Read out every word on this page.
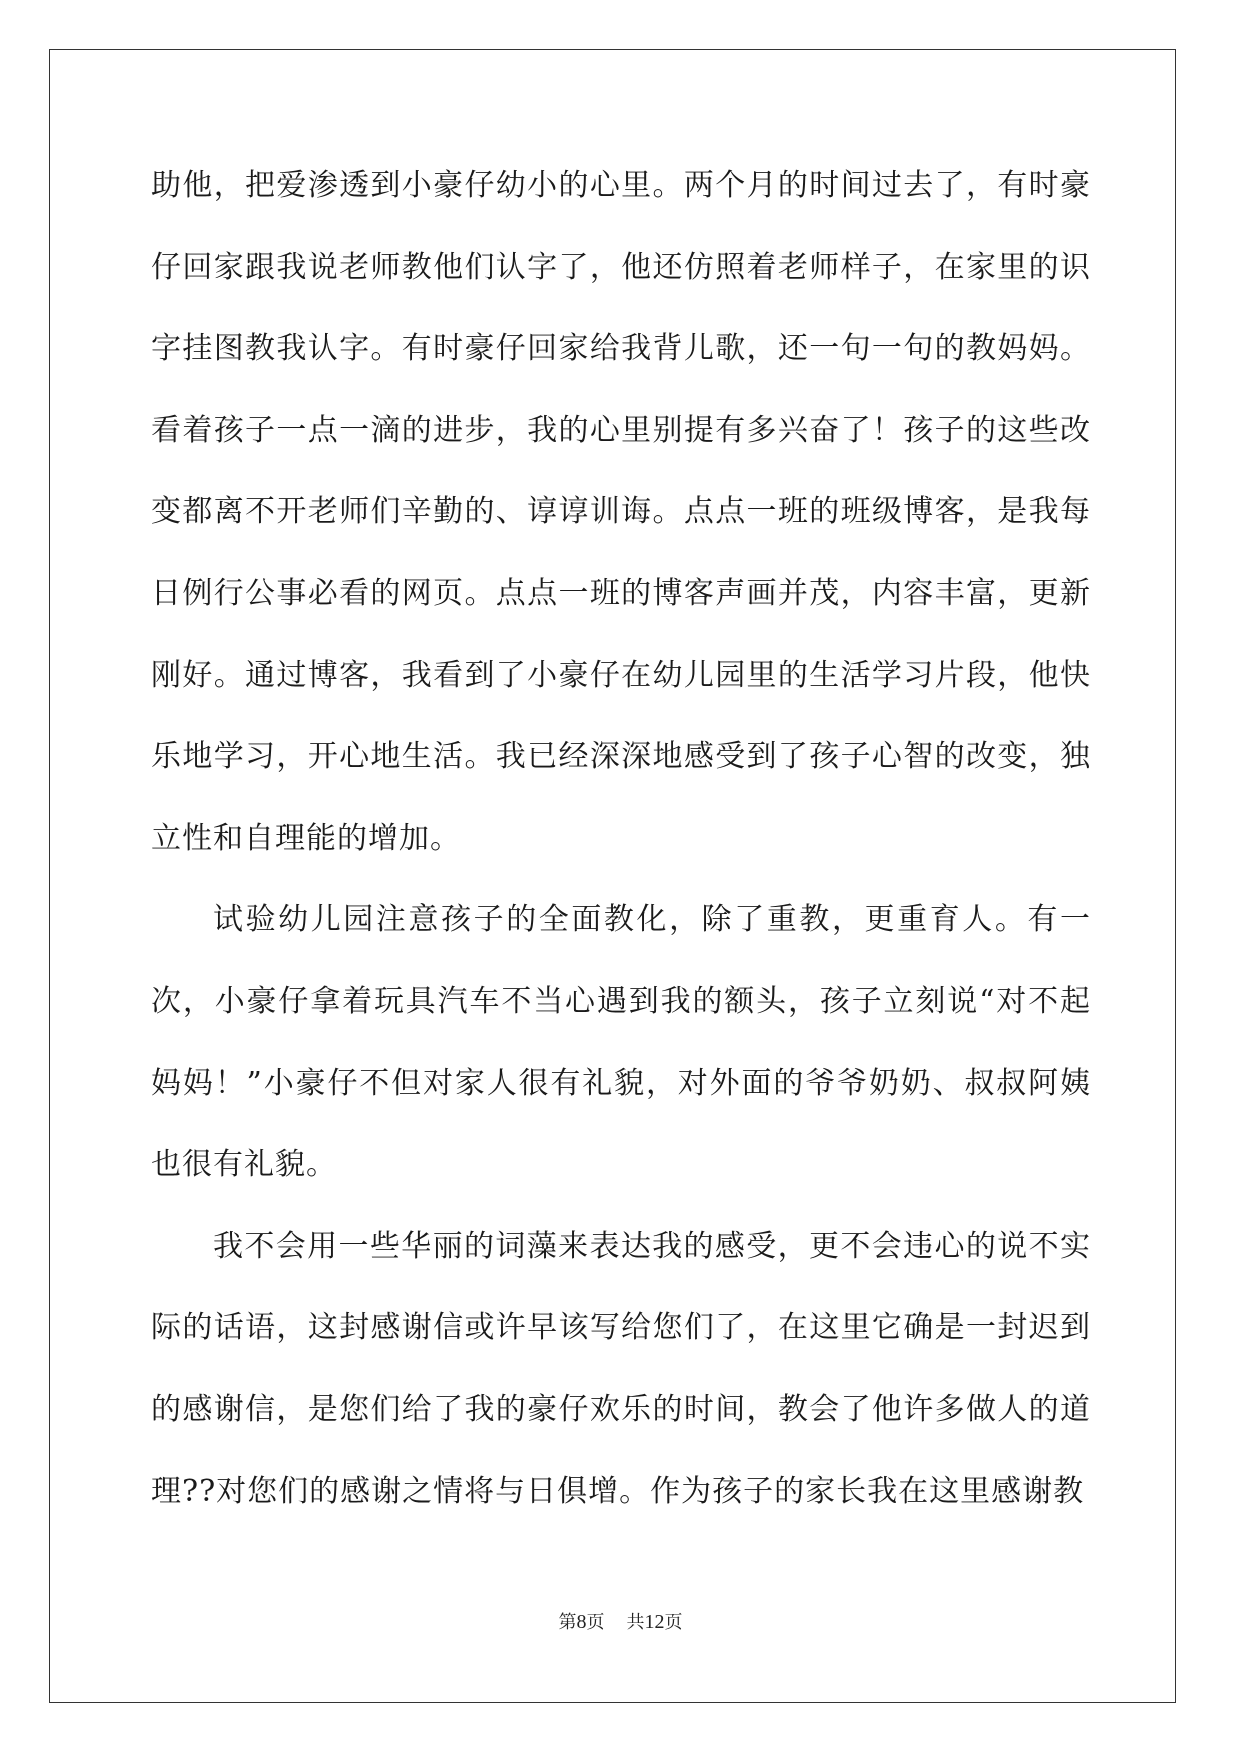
助他，把爱渗透到小豪仔幼小的心里。两个月的时间过去了，有时豪仔回家跟我说老师教他们认字了，他还仿照着老师样子，在家里的识字挂图教我认字。有时豪仔回家给我背儿歌，还一句一句的教妈妈。看着孩子一点一滴的进步，我的心里别提有多兴奋了！孩子的这些改变都离不开老师们辛勤的、谆谆训诲。点点一班的班级博客，是我每日例行公事必看的网页。点点一班的博客声画并茂，内容丰富，更新刚好。通过博客，我看到了小豪仔在幼儿园里的生活学习片段，他快乐地学习，开心地生活。我已经深深地感受到了孩子心智的改变，独立性和自理能的增加。

试验幼儿园注意孩子的全面教化，除了重教，更重育人。有一次，小豪仔拿着玩具汽车不当心遇到我的额头，孩子立刻说“对不起妈妈！”小豪仔不但对家人很有礼貌，对外面的爷爷奶奶、叔叔阿姨也很有礼貌。

我不会用一些华丽的词藻来表达我的感受，更不会违心的说不实际的话语，这封感谢信或许早该写给您们了，在这里它确是一封迟到的感谢信，是您们给了我的豪仔欢乐的时间，教会了他许多做人的道理??对您们的感谢之情将与日俱增。作为孩子的家长我在这里感谢教

第8页 共12页
